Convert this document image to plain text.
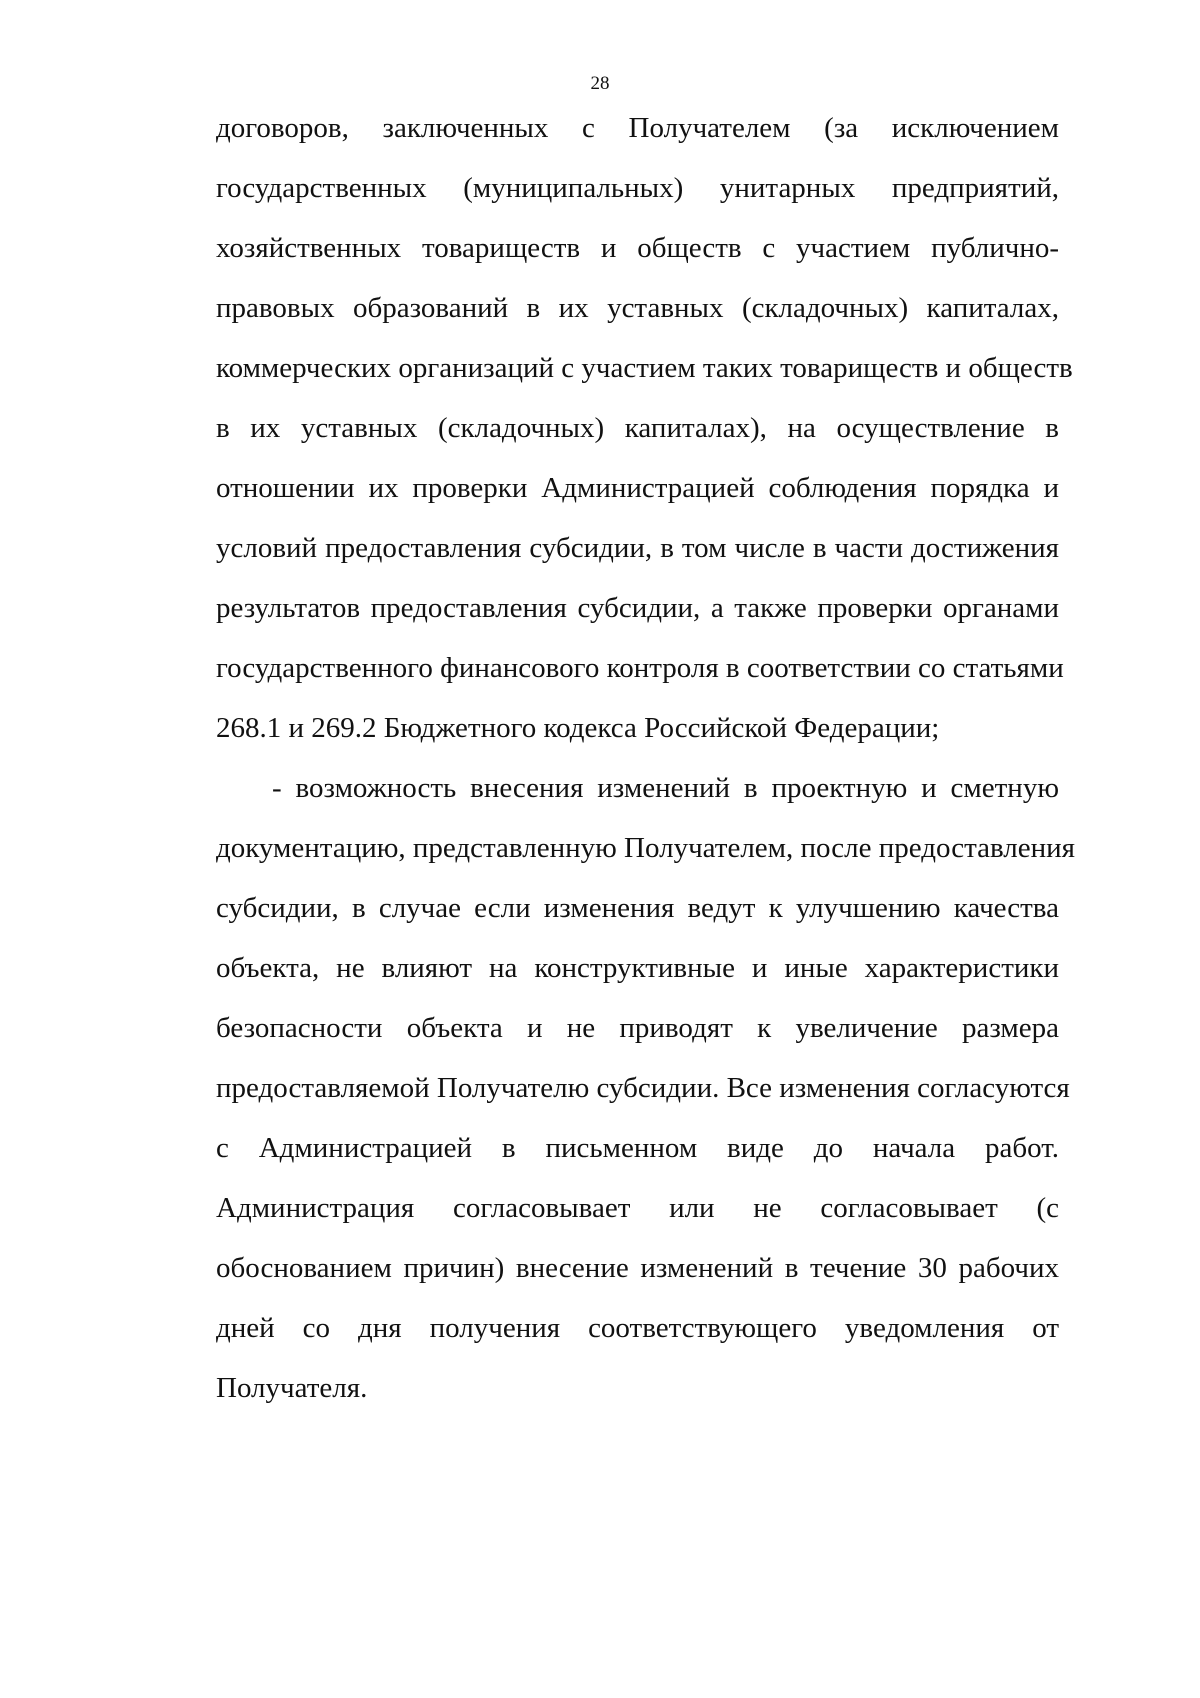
28
договоров, заключенных с Получателем (за исключением
государственных (муниципальных) унитарных предприятий,
хозяйственных товариществ и обществ с участием публично-
правовых образований в их уставных (складочных) капиталах,
коммерческих организаций с участием таких товариществ и обществ
в их уставных (складочных) капиталах), на осуществление в
отношении их проверки Администрацией соблюдения порядка и
условий предоставления субсидии, в том числе в части достижения
результатов предоставления субсидии, а также проверки органами
государственного финансового контроля в соответствии со статьями
268.1 и 269.2 Бюджетного кодекса Российской Федерации;
- возможность внесения изменений в проектную и сметную
документацию, представленную Получателем, после предоставления
субсидии, в случае если изменения ведут к улучшению качества
объекта, не влияют на конструктивные и иные характеристики
безопасности объекта и не приводят к увеличение размера
предоставляемой Получателю субсидии. Все изменения согласуются
с Администрацией в письменном виде до начала работ.
Администрация согласовывает или не согласовывает (с
обоснованием причин) внесение изменений в течение 30 рабочих
дней со дня получения соответствующего уведомления от
Получателя.
